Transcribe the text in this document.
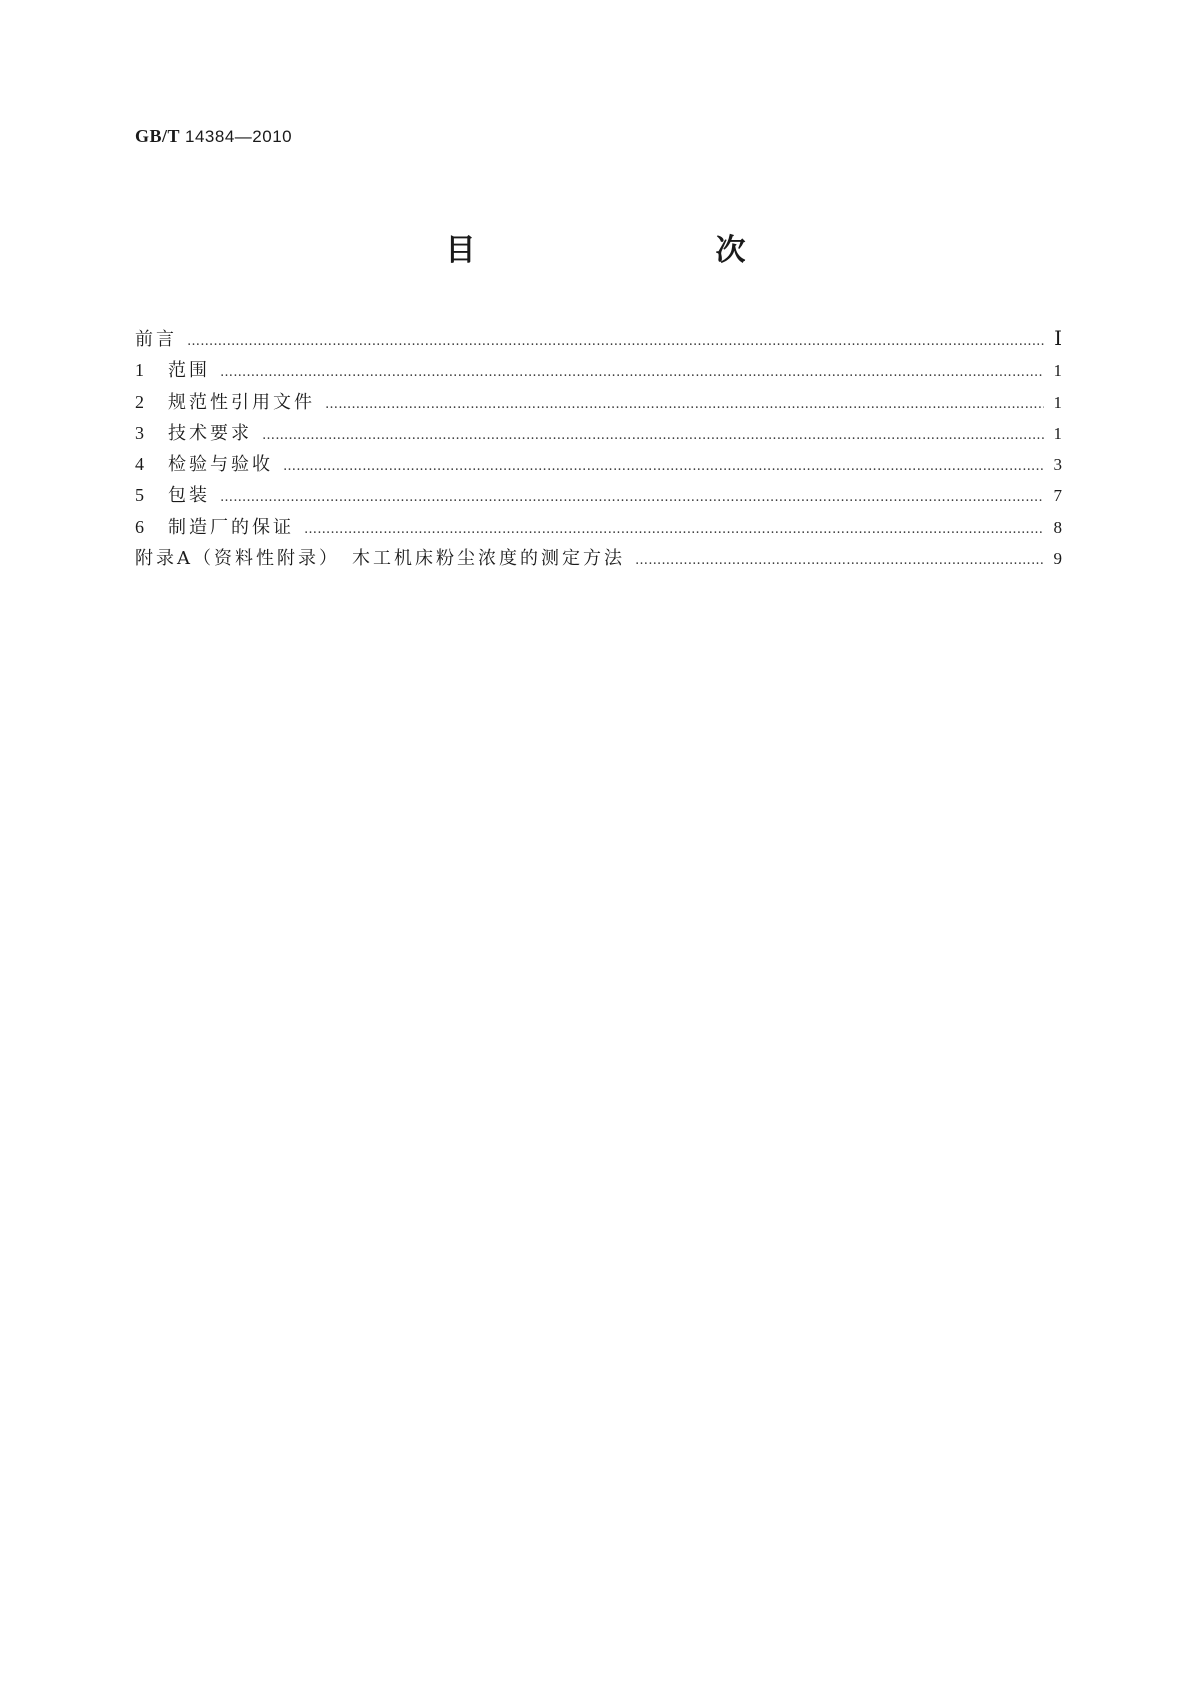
GB/T 14384—2010
目　　次
前言 …………………………………………………………………………………………………………………………………………………………………………………………	Ⅰ
1	范围 …………………………………………………………………………………………………………………………………………………………………………………………	1
2	规范性引用文件 …………………………………………………………………………………………………………………………………………………………………………………………	1
3	技术要求 …………………………………………………………………………………………………………………………………………………………………………………………	1
4	检验与验收 …………………………………………………………………………………………………………………………………………………………………………………………	3
5	包装 …………………………………………………………………………………………………………………………………………………………………………………………	7
6	制造厂的保证 …………………………………………………………………………………………………………………………………………………………………………………………	8
附录A（资料性附录）　木工机床粉尘浓度的测定方法 …………………………………………………………………………………………………………………………………………………………………………………………	9
